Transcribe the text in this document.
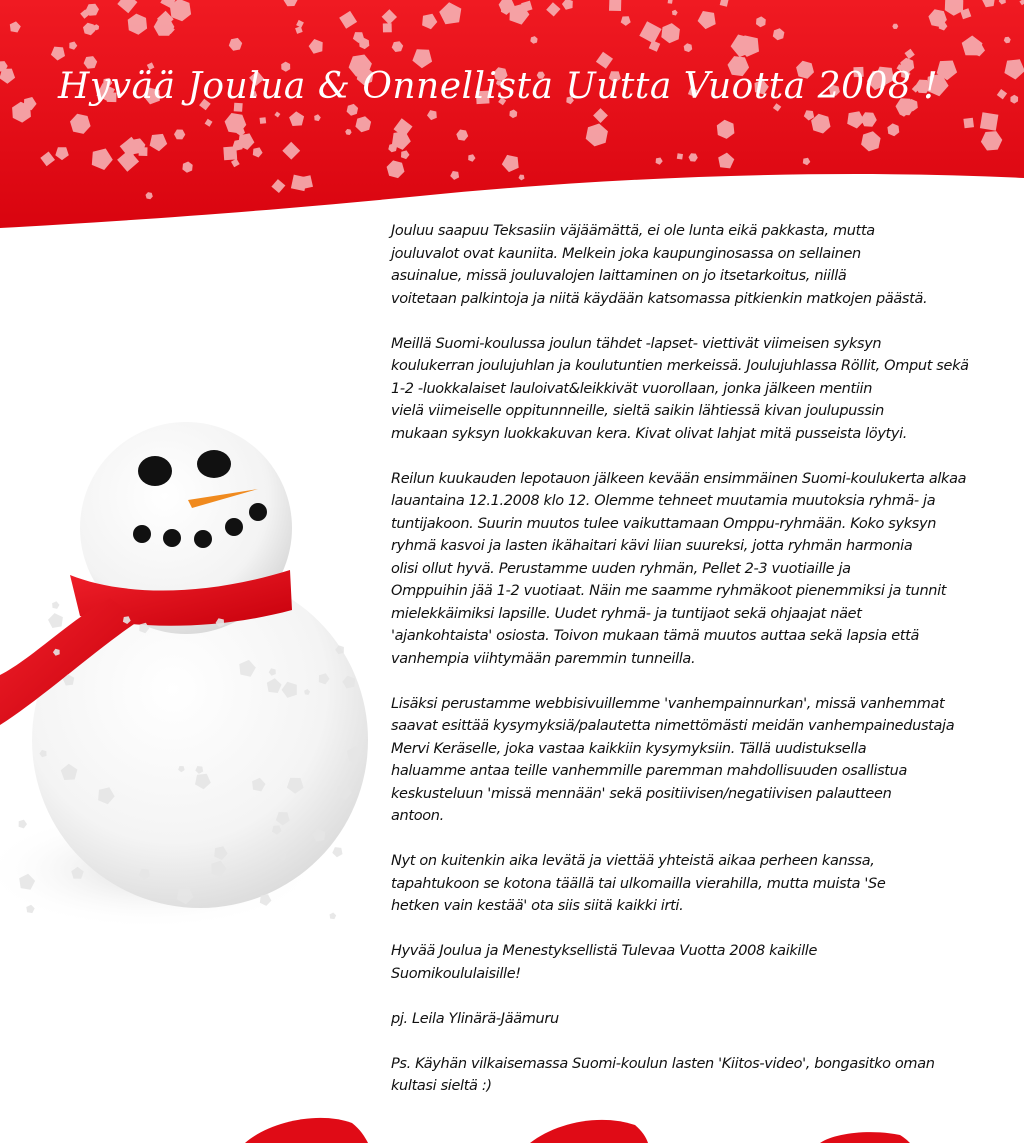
Hyvää Joulua & Onnellista Uutta Vuotta 2008 !

Jouluu saapuu Teksasiin väjäämättä, ei ole lunta eikä pakkasta, mutta
jouluvalot ovat kauniita. Melkein joka kaupunginosassa on sellainen
asuinalue, missä jouluvalojen laittaminen on jo itsetarkoitus, niillä
voitetaan palkintoja ja niitä käydään katsomassa pitkienkin matkojen päästä.

Meillä Suomi-koulussa joulun tähdet -lapset- viettivät viimeisen syksyn
koulukerran joulujuhlan ja koulutuntien merkeissä. Joulujuhlassa Röllit, Omput sekä
1-2 -luokkalaiset lauloivat&leikkivät vuorollaan, jonka jälkeen mentiin
vielä viimeiselle oppitunnneille, sieltä saikin lähtiessä kivan joulupussin
mukaan syksyn luokkakuvan kera. Kivat olivat lahjat mitä pusseista löytyi.

Reilun kuukauden lepotauon jälkeen kevään ensimmäinen Suomi-koulukerta alkaa
lauantaina 12.1.2008 klo 12. Olemme tehneet muutamia muutoksia ryhmä- ja
tuntijakoon. Suurin muutos tulee vaikuttamaan Omppu-ryhmään. Koko syksyn
ryhmä kasvoi ja lasten ikähaitari kävi liian suureksi, jotta ryhmän harmonia
olisi ollut hyvä. Perustamme uuden ryhmän, Pellet 2-3 vuotiaille ja
Omppuihin jää 1-2 vuotiaat. Näin me saamme ryhmäkoot pienemmiksi ja tunnit
mielekkäimiksi lapsille. Uudet ryhmä- ja tuntijaot sekä ohjaajat näet
'ajankohtaista' osiosta. Toivon mukaan tämä muutos auttaa sekä lapsia että
vanhempia viihtymään paremmin tunneilla.

Lisäksi perustamme webbisivuillemme 'vanhempainnurkan', missä vanhemmat
saavat esittää kysymyksiä/palautetta nimettömästi meidän vanhempainedustaja
Mervi Keräselle, joka vastaa kaikkiin kysymyksiin. Tällä uudistuksella
haluamme antaa teille vanhemmille paremman mahdollisuuden osallistua
keskusteluun 'missä mennään' sekä positiivisen/negatiivisen palautteen
antoon.

Nyt on kuitenkin aika levätä ja viettää yhteistä aikaa perheen kanssa,
tapahtukoon se kotona täällä tai ulkomailla vierahilla, mutta muista 'Se
hetken vain kestää' ota siis siitä kaikki irti.

Hyvää Joulua ja Menestyksellistä Tulevaa Vuotta 2008 kaikille
Suomikoululaisille!

pj. Leila Ylinärä-Jäämuru

Ps. Käyhän vilkaisemassa Suomi-koulun lasten 'Kiitos-video', bongasitko oman
kultasi sieltä :)
